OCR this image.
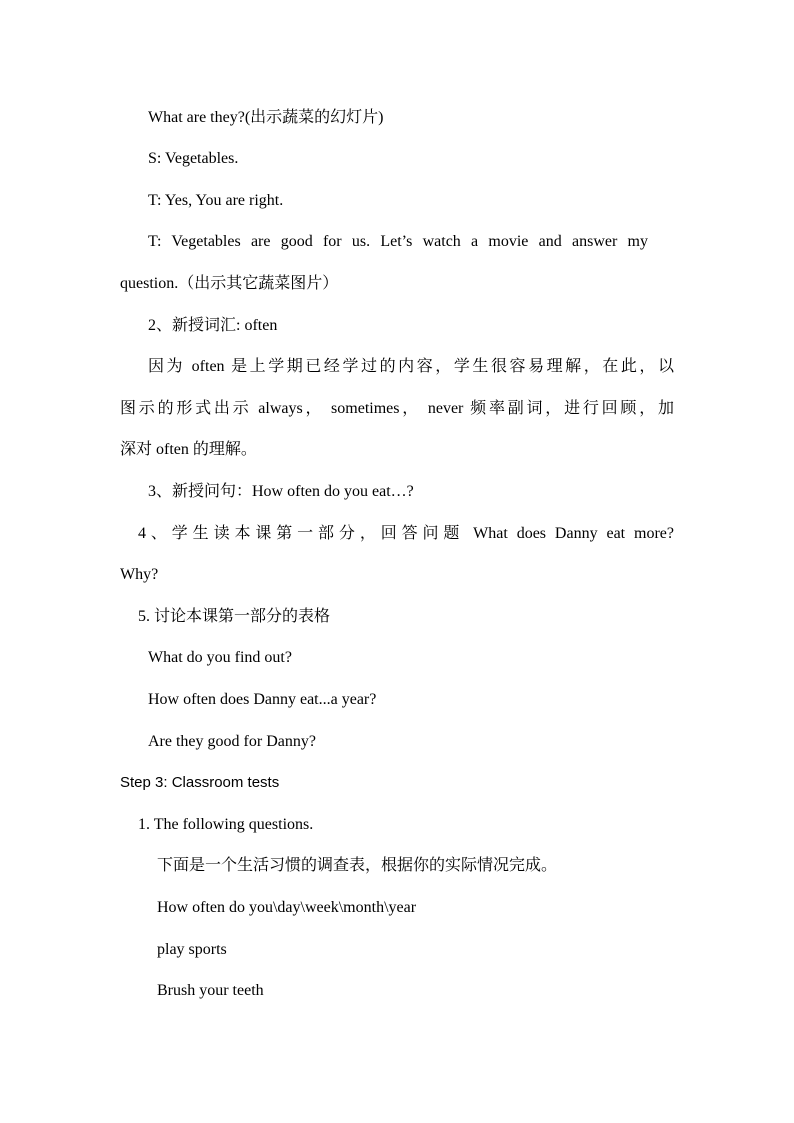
What are they?(出示蔬菜的幻灯片)
S: Vegetables.
T: Yes, You are right.
T: Vegetables are good for us. Let’s watch a movie and answer my
question.（出示其它蔬菜图片）
2、新授词汇: often
因为 often 是上学期已经学过的内容，学生很容易理解，在此，以
图示的形式出示 always， sometimes， never 频率副词，进行回顾，加
深对 often 的理解。
3、新授问句：How often do you eat…?
4、学生读本课第一部分，回答问题 What does Danny eat more?
Why?
5. 讨论本课第一部分的表格
What do you find out?
How often does Danny eat...a year?
Are they good for Danny?
Step 3: Classroom tests
1. The following questions.
下面是一个生活习惯的调查表，根据你的实际情况完成。
How often do you\day\week\month\year
play sports
Brush your teeth
